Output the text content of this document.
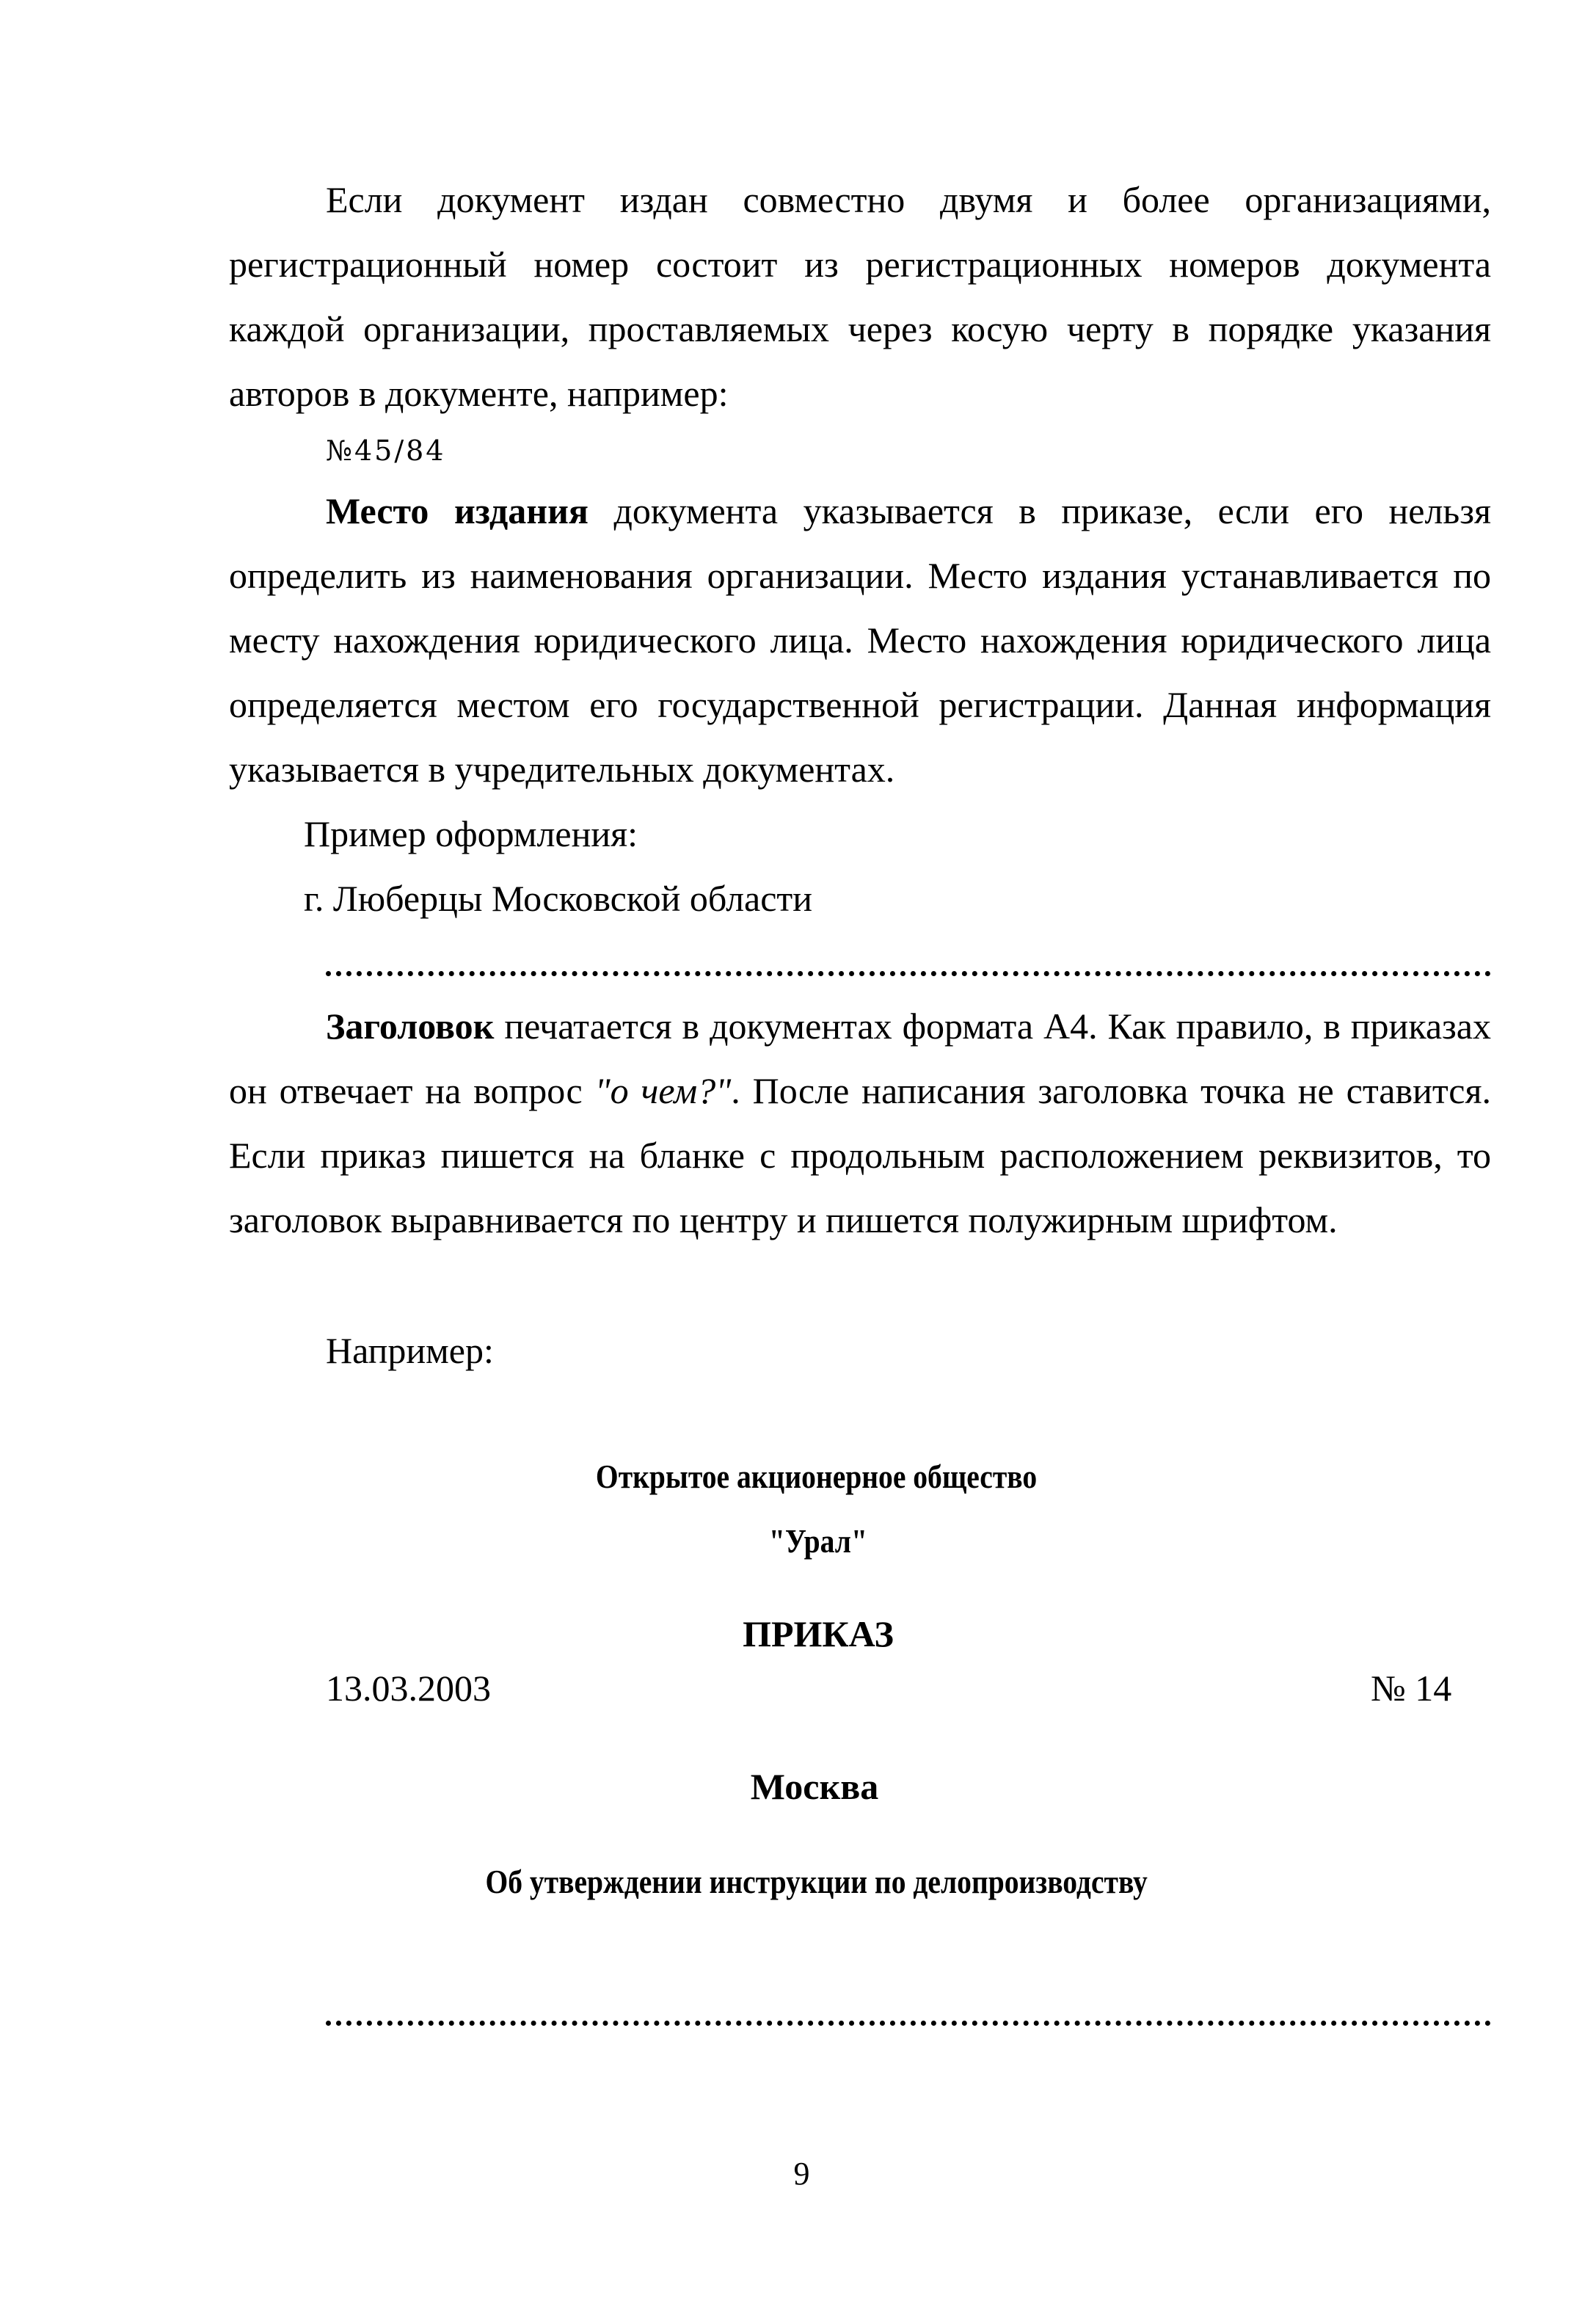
Если документ издан совместно двумя и более организациями, регистрационный номер состоит из регистрационных номеров документа каждой организации, проставляемых через косую черту в порядке указания авторов в документе, например:

№45/84

Место издания документа указывается в приказе, если его нельзя определить из наименования организации. Место издания устанавливается по месту нахождения юридического лица. Место нахождения юридического лица определяется местом его государственной регистрации. Данная информация указывается в учредительных документах.

Пример оформления:

г. Люберцы Московской области

Заголовок печатается в документах формата А4. Как правило, в приказах он отвечает на вопрос "о чем?". После написания заголовка точка не ставится. Если приказ пишется на бланке с продольным расположением реквизитов, то заголовок выравнивается по центру и пишется полужирным шрифтом.

Например:

Открытое акционерное общество

"Урал"

ПРИКАЗ

13.03.2003	№ 14

Москва

Об утверждении инструкции по делопроизводству

9
